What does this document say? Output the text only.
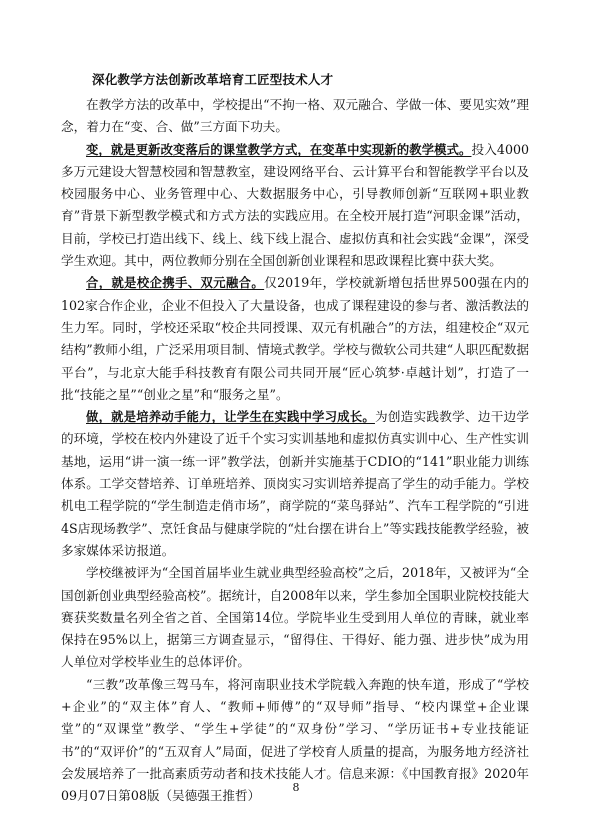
深化教学方法创新改革培育工匠型技术人才

在教学方法的改革中，学校提出“不拘一格、双元融合、学做一体、要见实效”理念，着力在“变、合、做”三方面下功夫。

变，就是更新改变落后的课堂教学方式，在变革中实现新的教学模式。投入4000多万元建设大智慧校园和智慧教室，建设网络平台、云计算平台和智能教学平台以及校园服务中心、业务管理中心、大数据服务中心，引导教师创新“互联网+职业教育”背景下新型教学模式和方式方法的实践应用。在全校开展打造“河职金课”活动，目前，学校已打造出线下、线上、线下线上混合、虚拟仿真和社会实践“金课”，深受学生欢迎。其中，两位教师分别在全国创新创业课程和思政课程比赛中获大奖。

合，就是校企携手、双元融合。仅2019年，学校就新增包括世界500强在内的102家合作企业，企业不但投入了大量设备，也成了课程建设的参与者、激活教法的生力军。同时，学校还采取“校企共同授课、双元有机融合”的方法，组建校企“双元结构”教师小组，广泛采用项目制、情境式教学。学校与微软公司共建“人职匹配数据平台”，与北京大能手科技教育有限公司共同开展“匠心筑梦·卓越计划”，打造了一批“技能之星”“创业之星”和“服务之星”。

做，就是培养动手能力，让学生在实践中学习成长。为创造实践教学、边干边学的环境，学校在校内外建设了近千个实习实训基地和虚拟仿真实训中心、生产性实训基地，运用“讲一演一练一评”教学法，创新并实施基于CDIO的“141”职业能力训练体系。工学交替培养、订单班培养、顶岗实习实训培养提高了学生的动手能力。学校机电工程学院的“学生制造走俏市场”，商学院的“菜鸟驿站”、汽车工程学院的“引进4S店现场教学”、烹饪食品与健康学院的“灶台摆在讲台上”等实践技能教学经验，被多家媒体采访报道。

学校继被评为“全国首届毕业生就业典型经验高校”之后，2018年，又被评为“全国创新创业典型经验高校”。据统计，自2008年以来，学生参加全国职业院校技能大赛获奖数量名列全省之首、全国第14位。学院毕业生受到用人单位的青睐，就业率保持在95%以上，据第三方调查显示，“留得住、干得好、能力强、进步快”成为用人单位对学校毕业生的总体评价。

“三教”改革像三驾马车，将河南职业技术学院载入奔跑的快车道，形成了“学校+企业”的“双主体”育人、“教师+师傅”的“双导师”指导、“校内课堂+企业课堂”的“双课堂”教学、“学生+学徒”的“双身份”学习、“学历证书+专业技能证书”的“双评价”的“五双育人”局面，促进了学校育人质量的提高，为服务地方经济社会发展培养了一批高素质劳动者和技术技能人才。信息来源：《中国教育报》2020年09月07日第08版（吴德强王推哲）

8
